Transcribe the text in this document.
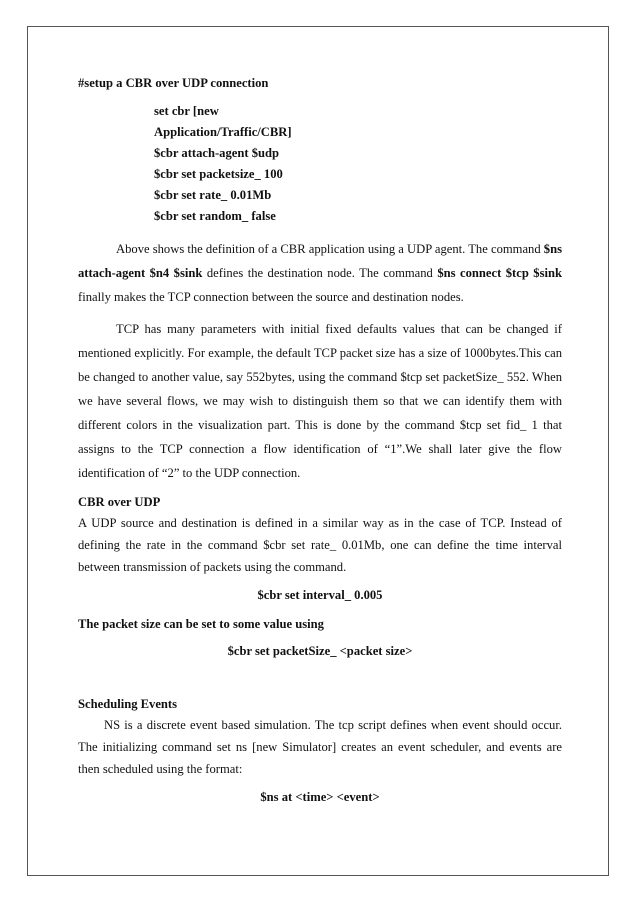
#setup a CBR over UDP connection

set cbr [new
Application/Traffic/CBR]
$cbr attach-agent $udp
$cbr set packetsize_ 100
$cbr set rate_ 0.01Mb
$cbr set random_ false

Above shows the definition of a CBR application using a UDP agent. The command $ns attach-agent $n4 $sink defines the destination node. The command $ns connect $tcp $sink finally makes the TCP connection between the source and destination nodes.

TCP has many parameters with initial fixed defaults values that can be changed if mentioned explicitly. For example, the default TCP packet size has a size of 1000bytes.This can be changed to another value, say 552bytes, using the command $tcp set packetSize_ 552. When we have several flows, we may wish to distinguish them so that we can identify them with different colors in the visualization part. This is done by the command $tcp set fid_ 1 that assigns to the TCP connection a flow identification of “1”.We shall later give the flow identification of “2” to the UDP connection.

CBR over UDP

A UDP source and destination is defined in a similar way as in the case of TCP. Instead of defining the rate in the command $cbr set rate_ 0.01Mb, one can define the time interval between transmission of packets using the command.

$cbr set interval_ 0.005

The packet size can be set to some value using

$cbr set packetSize_ <packet size>

Scheduling Events

NS is a discrete event based simulation. The tcp script defines when event should occur. The initializing command set ns [new Simulator] creates an event scheduler, and events are then scheduled using the format:

$ns at <time> <event>
